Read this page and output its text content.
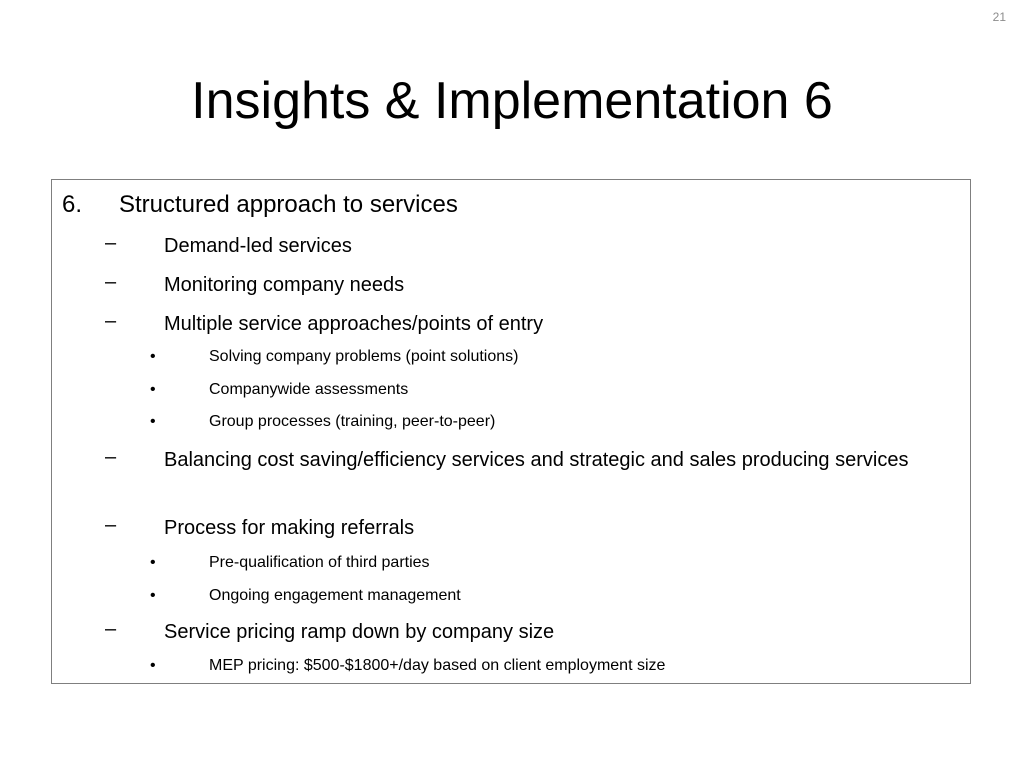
21
Insights & Implementation 6
6. Structured approach to services
– Demand-led services
– Monitoring company needs
– Multiple service approaches/points of entry
•	Solving company problems (point solutions)
•	Companywide assessments
•	Group processes (training, peer-to-peer)
– Balancing cost saving/efficiency services and strategic and sales producing services
– Process for making referrals
•	Pre-qualification of third parties
•	Ongoing engagement management
– Service pricing ramp down by company size
•	MEP pricing: $500-$1800+/day based on client employment size
